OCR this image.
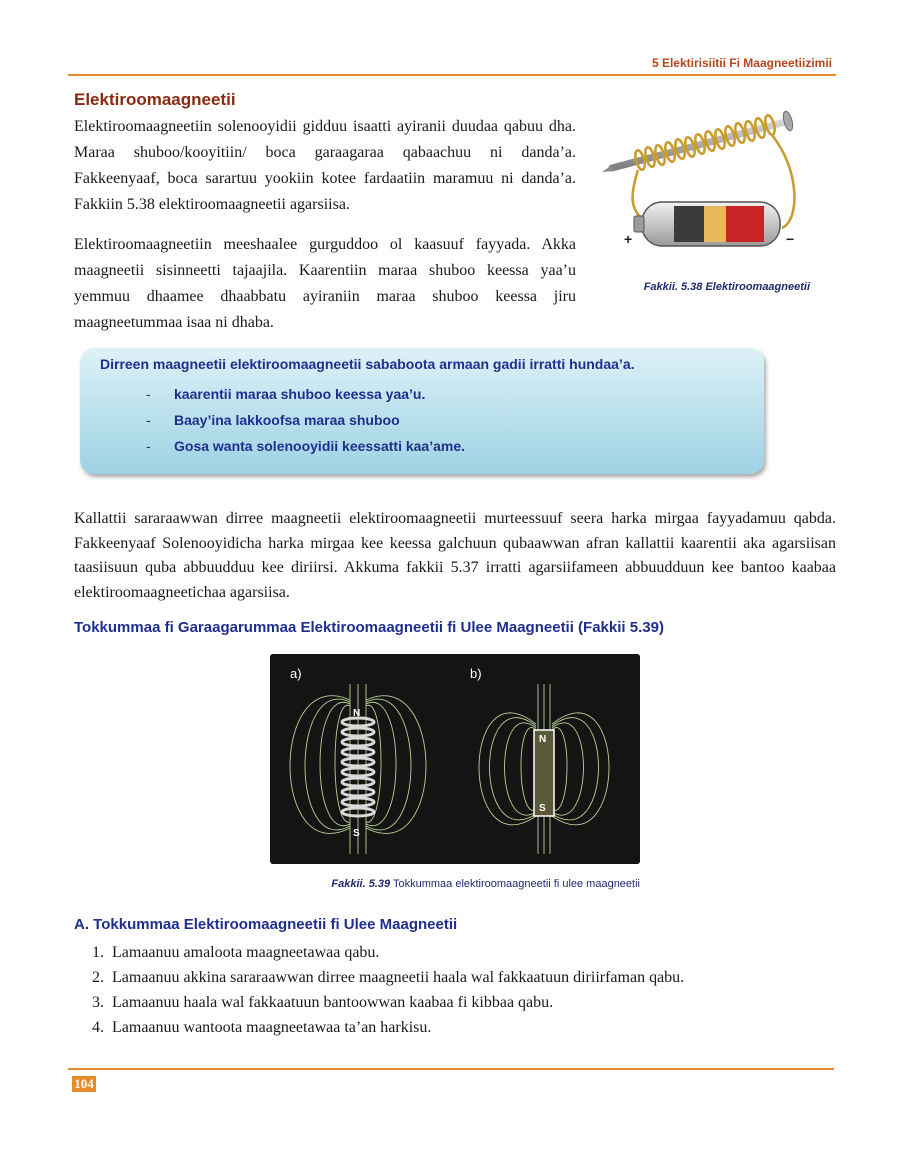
5 Elektirisiitii Fi Maagneetiizimii
Elektiroomaagneetii

Elektiroomaagneetiin solenooyidii gidduu isaatti ayiranii duudaa qabuu dha. Maraa shuboo/kooyitiin/ boca garaagaraa qabaachuu ni danda’a. Fakkeenyaaf, boca sarartuu yookiin kotee fardaatiin maramuu ni danda’a. Fakkiin 5.38 elektiroomaagneetii agarsiisa.

Elektiroomaagneetiin meeshaalee gurguddoo ol kaasuuf fayyada. Akka maagneetii sisinneetti tajaajila. Kaarentiin maraa shuboo keessa yaa’u yemmuu dhaamee dhaabbatu ayiraniin maraa shuboo keessa jiru maagneetummaa isaa ni dhaba.

+	−
Fakkii. 5.38 Elektiroomaagneetii
Dirreen maagneetii elektiroomaagneetii sababoota armaan gadii irratti hundaa’a.
- kaarentii maraa shuboo keessa yaa’u.
- Baay’ina lakkoofsa maraa shuboo
- Gosa wanta solenooyidii keessatti kaa’ame.

Kallattii sararaawwan dirree maagneetii elektiroomaagneetii murteessuuf seera harka mirgaa fayyadamuu qabda. Fakkeenyaaf Solenooyidicha harka mirgaa kee keessa galchuun qubaawwan afran kallattii kaarentii aka agarsiisan taasiisuun quba abbuudduu kee diriirsi. Akkuma fakkii 5.37 irratti agarsiifameen abbuudduun kee bantoo kaabaa elektiroomaagneetichaa agarsiisa.

Tokkummaa fi Garaagarummaa Elektiroomaagneetii fi Ulee Maagneetii (Fakkii 5.39)
a)	b)
N
S
N
S
Fakkii. 5.39 Tokkummaa elektiroomaagneetii fi ulee maagneetii
A. Tokkummaa Elektiroomaagneetii fi Ulee Maagneetii
1. Lamaanuu amaloota maagneetawaa qabu.
2. Lamaanuu akkina sararaawwan dirree maagneetii haala wal fakkaatuun diriirfaman qabu.
3. Lamaanuu haala wal fakkaatuun bantoowwan kaabaa fi kibbaa qabu.
4. Lamaanuu wantoota maagneetawaa ta’an harkisu.
104
